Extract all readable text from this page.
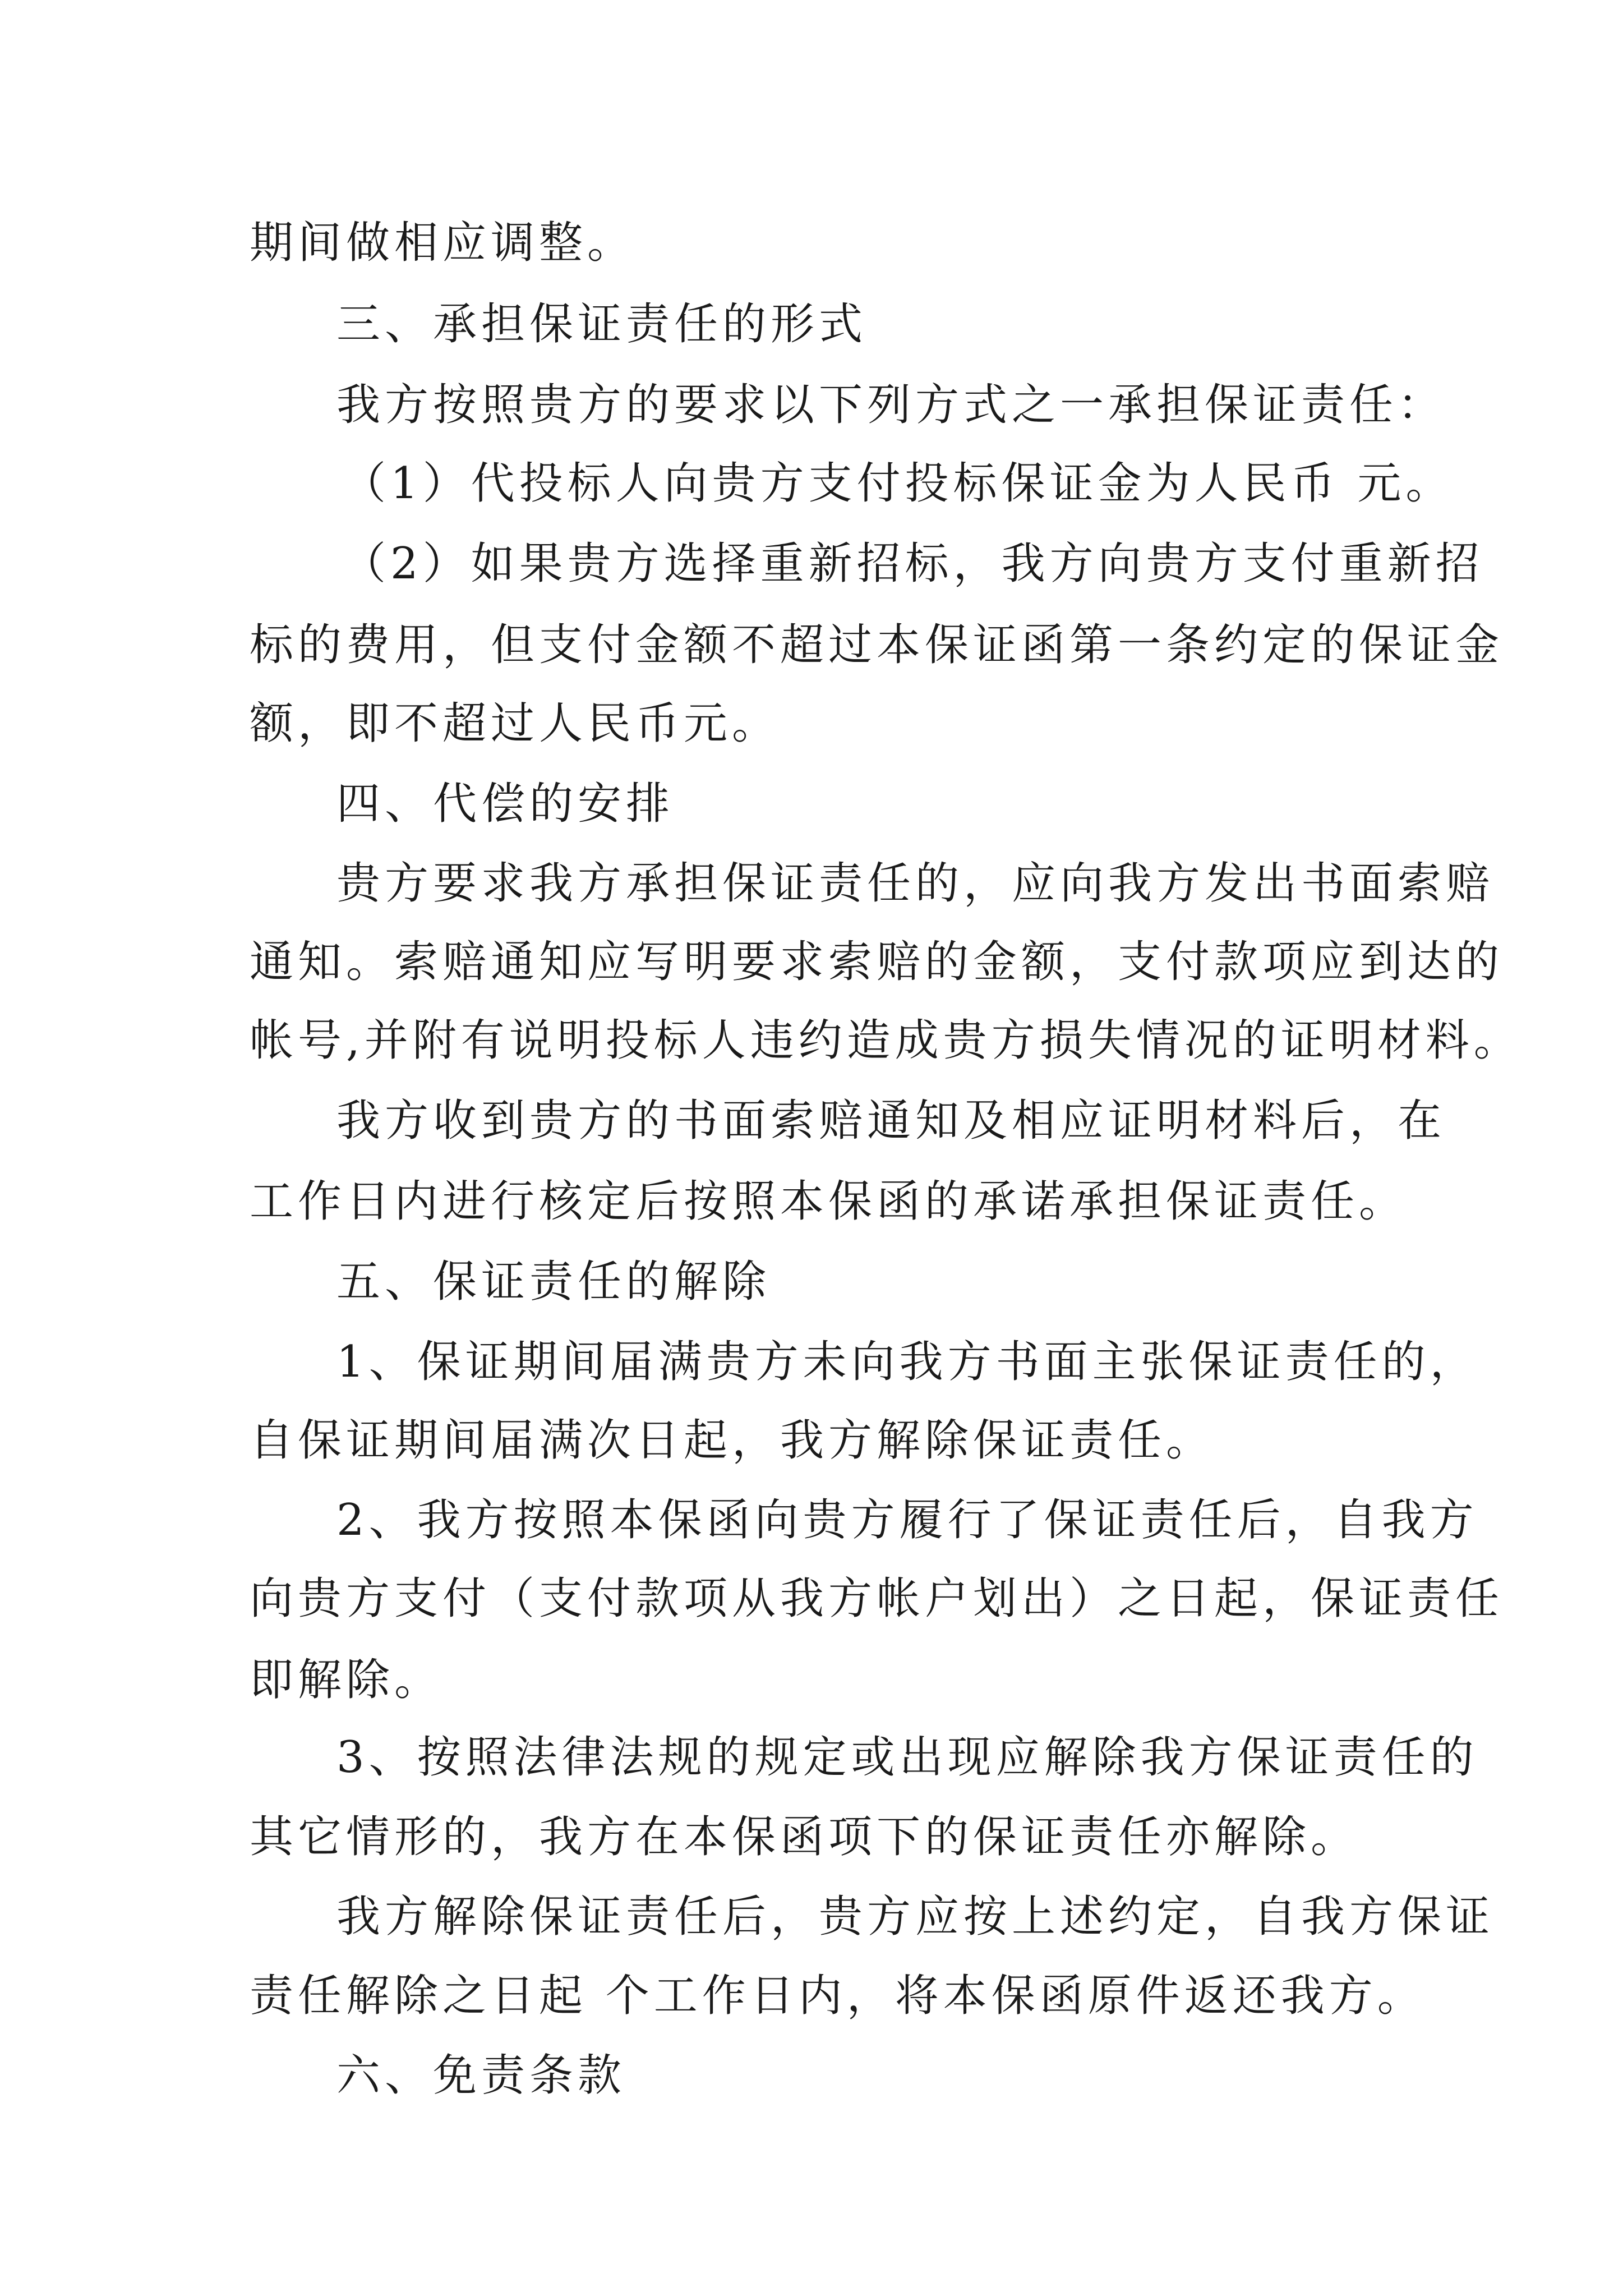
期间做相应调整。
三、承担保证责任的形式
我方按照贵方的要求以下列方式之一承担保证责任：
（1）代投标人向贵方支付投标保证金为人民币 元。
（2）如果贵方选择重新招标，我方向贵方支付重新招
标的费用，但支付金额不超过本保证函第一条约定的保证金
额，即不超过人民币元。
四、代偿的安排
贵方要求我方承担保证责任的，应向我方发出书面索赔
通知。索赔通知应写明要求索赔的金额，支付款项应到达的
帐号,并附有说明投标人违约造成贵方损失情况的证明材料。
我方收到贵方的书面索赔通知及相应证明材料后，在
工作日内进行核定后按照本保函的承诺承担保证责任。
五、保证责任的解除
1、保证期间届满贵方未向我方书面主张保证责任的，
自保证期间届满次日起，我方解除保证责任。
2、我方按照本保函向贵方履行了保证责任后，自我方
向贵方支付（支付款项从我方帐户划出）之日起，保证责任
即解除。
3、按照法律法规的规定或出现应解除我方保证责任的
其它情形的，我方在本保函项下的保证责任亦解除。
我方解除保证责任后，贵方应按上述约定，自我方保证
责任解除之日起 个工作日内，将本保函原件返还我方。
六、免责条款
